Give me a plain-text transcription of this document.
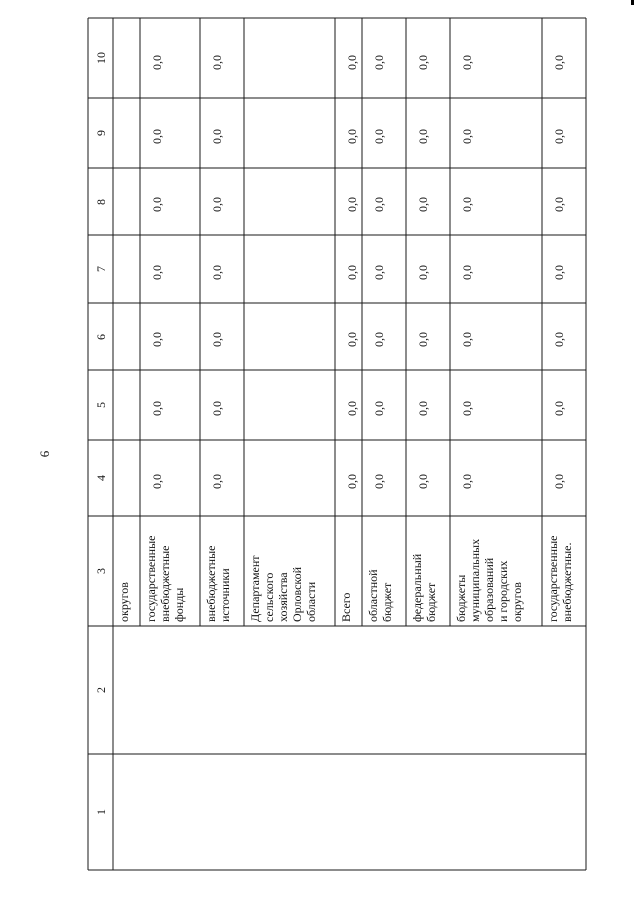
6
1
2
3
4
5
6
7
8
9
10
округов государственные
внебюджетные
фонды внебюджетные
источники Департамент
сельского
хозяйства
Орловской
области Всего областной
бюджет федеральный
бюджет бюджеты
муниципальных
образований
и городских
округов государственные
внебюджетные.
0,0
0,0
0,0
0,0
0,0
0,0
0,0
0,0
0,0
0,0
0,0
0,0
0,0
0,0
0,0
0,0
0,0
0,0
0,0
0,0
0,0
0,0
0,0
0,0
0,0
0,0
0,0
0,0
0,0
0,0
0,0
0,0
0,0
0,0
0,0
0,0
0,0
0,0
0,0
0,0
0,0
0,0
0,0
0,0
0,0
0,0
0,0
0,0
0,0
